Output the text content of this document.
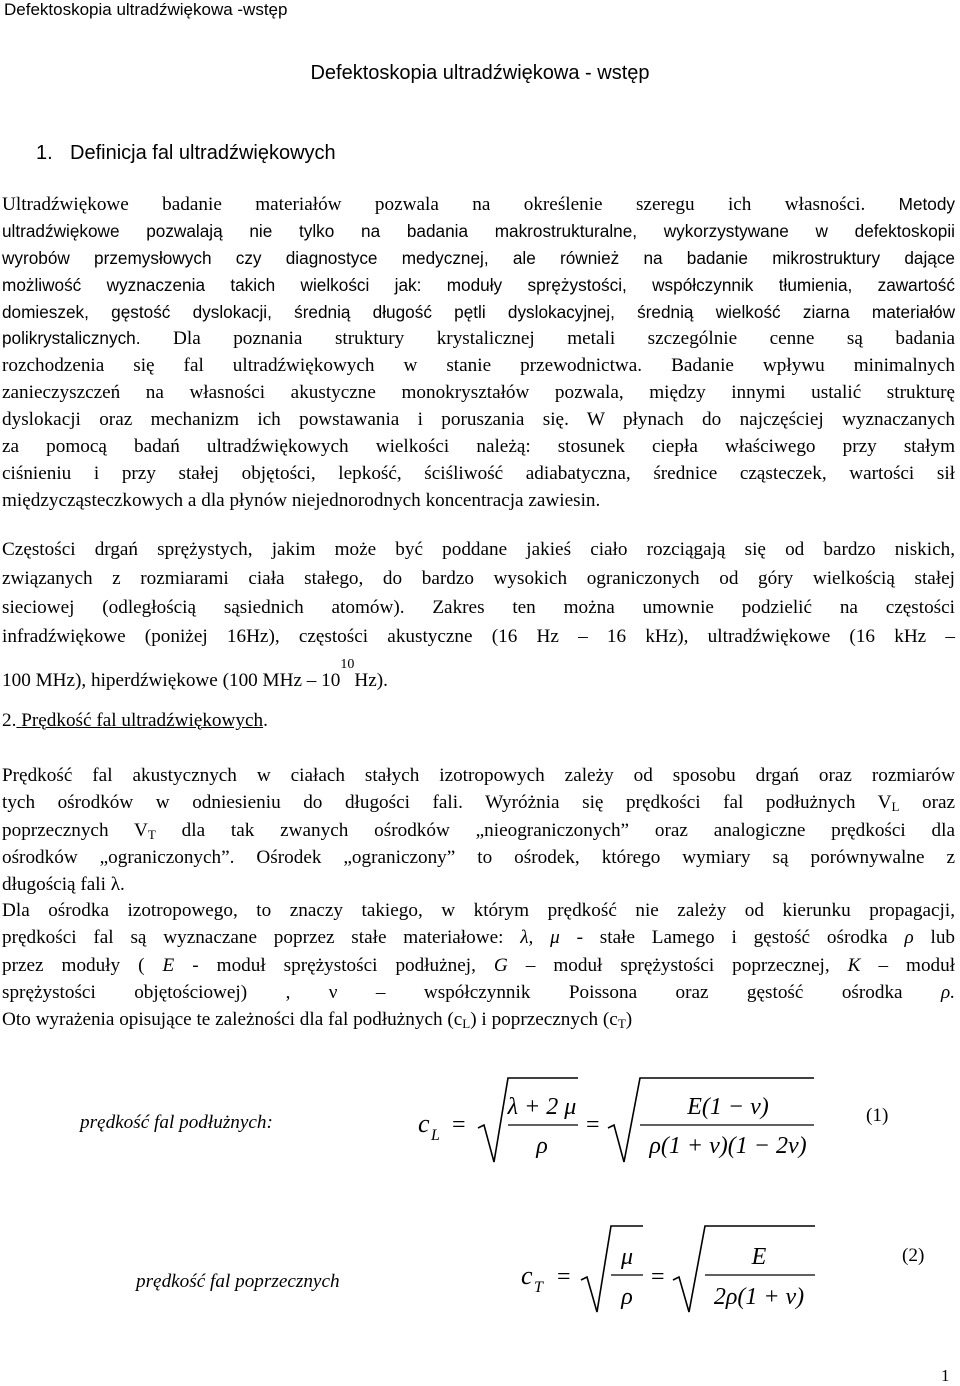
Defektoskopia ultradźwiękowa -wstęp
Defektoskopia ultradźwiękowa - wstęp
1. Definicja fal ultradźwiękowych
Ultradźwiękowe badanie materiałów pozwala na określenie szeregu ich własności. Metody
ultradźwiękowe pozwalają nie tylko na badania makrostrukturalne, wykorzystywane w defektoskopii
wyrobów przemysłowych czy diagnostyce medycznej, ale również na badanie mikrostruktury dające
możliwość wyznaczenia takich wielkości jak: moduły sprężystości, współczynnik tłumienia, zawartość
domieszek, gęstość dyslokacji, średnią długość pętli dyslokacyjnej, średnią wielkość ziarna materiałów
polikrystalicznych. Dla poznania struktury krystalicznej metali szczególnie cenne są badania
rozchodzenia się fal ultradźwiękowych w stanie przewodnictwa. Badanie wpływu minimalnych
zanieczyszczeń na własności akustyczne monokryształów pozwala, między innymi ustalić strukturę
dyslokacji oraz mechanizm ich powstawania i poruszania się. W płynach do najczęściej wyznaczanych
za pomocą badań ultradźwiękowych wielkości należą: stosunek ciepła właściwego przy stałym
ciśnieniu i przy stałej objętości, lepkość, ściśliwość adiabatyczna, średnice cząsteczek, wartości sił
międzycząsteczkowych a dla płynów niejednorodnych koncentracja zawiesin.
Częstości drgań sprężystych, jakim może być poddane jakieś ciało rozciągają się od bardzo niskich,
związanych z rozmiarami ciała stałego, do bardzo wysokich ograniczonych od góry wielkością stałej
sieciowej (odległością sąsiednich atomów). Zakres ten można umownie podzielić na częstości
infradźwiękowe (poniżej 16Hz), częstości akustyczne (16 Hz – 16 kHz), ultradźwiękowe (16 kHz –
100 MHz), hiperdźwiękowe (100 MHz – $10^{10}Hz$).
2. Prędkość fal ultradźwiękowych.
Prędkość fal akustycznych w ciałach stałych izotropowych zależy od sposobu drgań oraz rozmiarów
tych ośrodków w odniesieniu do długości fali. Wyróżnia się prędkości fal podłużnych $V_L$ oraz
poprzecznych $V_T$ dla tak zwanych ośrodków „nieograniczonych” oraz analogiczne prędkości dla
ośrodków „ograniczonych”. Ośrodek „ograniczony” to ośrodek, którego wymiary są porównywalne z
długością fali λ.
Dla ośrodka izotropowego, to znaczy takiego, w którym prędkość nie zależy od kierunku propagacji,
prędkości fal są wyznaczane poprzez stałe materiałowe: λ, μ - stałe Lamego i gęstość ośrodka ρ lub
przez moduły ( E - moduł sprężystości podłużnej, G – moduł sprężystości poprzecznej, K – moduł
sprężystości objętościowej) , ν – współczynnik Poissona oraz gęstość ośrodka ρ.
Oto wyrażenia opisujące te zależności dla fal podłużnych $(c_L)$ i poprzecznych $(c_T)$
prędkość fal podłużnych:	c L =
λ + 2 μ
ρ
=
E(1 − ν)
ρ(1 + ν)(1 − 2ν)
(1)
prędkość fal poprzecznych	c T =
μ
ρ
=
E
2ρ(1 + ν)
(2)
1
